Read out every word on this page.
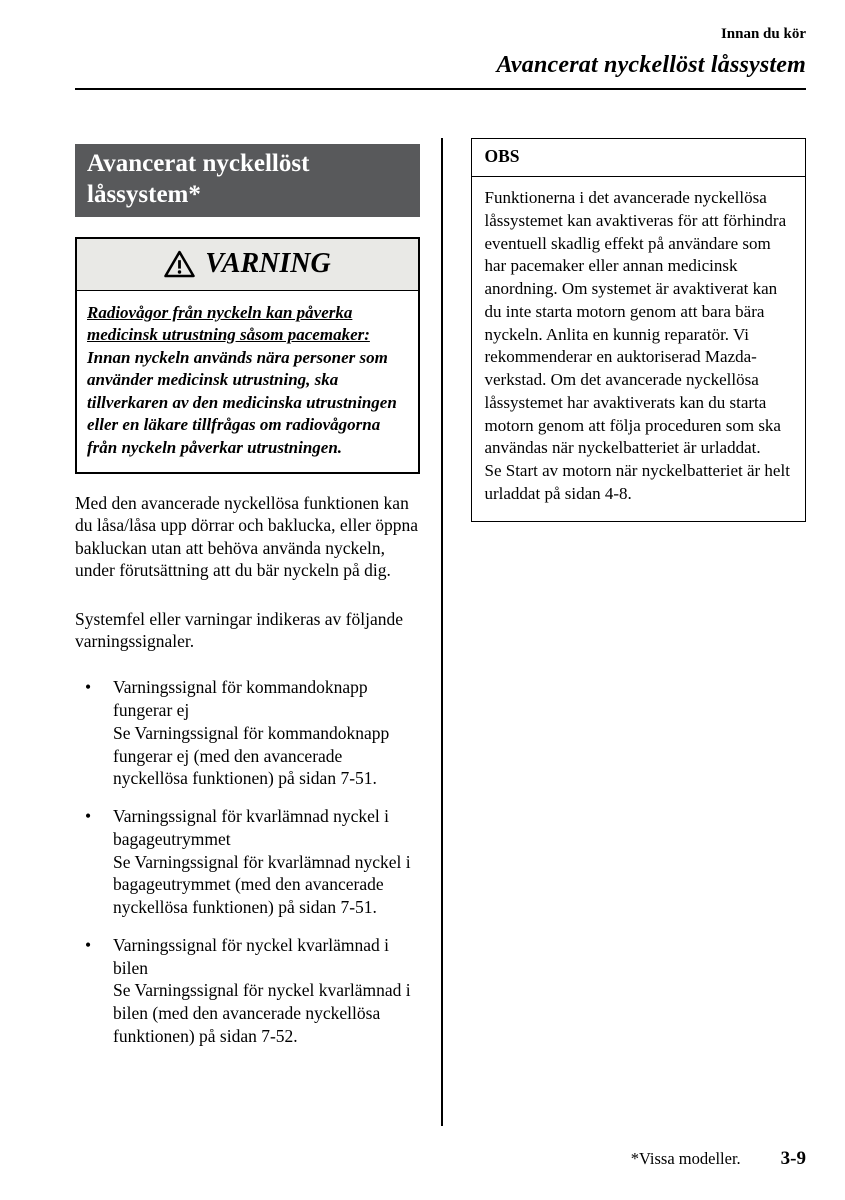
Innan du kör
Avancerat nyckellöst låssystem
Avancerat nyckellöst låssystem*
VARNING
Radiovågor från nyckeln kan påverka medicinsk utrustning såsom pacemaker:
Innan nyckeln används nära personer som använder medicinsk utrustning, ska tillverkaren av den medicinska utrustningen eller en läkare tillfrågas om radiovågorna från nyckeln påverkar utrustningen.

Med den avancerade nyckellösa funktionen kan du låsa/låsa upp dörrar och baklucka, eller öppna bakluckan utan att behöva använda nyckeln, under förutsättning att du bär nyckeln på dig.

Systemfel eller varningar indikeras av följande varningssignaler.

•	Varningssignal för kommandoknapp fungerar ej
Se Varningssignal för kommandoknapp fungerar ej (med den avancerade nyckellösa funktionen) på sidan 7-51.
•	Varningssignal för kvarlämnad nyckel i bagageutrymmet
Se Varningssignal för kvarlämnad nyckel i bagageutrymmet (med den avancerade nyckellösa funktionen) på sidan 7-51.
•	Varningssignal för nyckel kvarlämnad i bilen
Se Varningssignal för nyckel kvarlämnad i bilen (med den avancerade nyckellösa funktionen) på sidan 7-52.
OBS

Funktionerna i det avancerade nyckellösa låssystemet kan avaktiveras för att förhindra eventuell skadlig effekt på användare som har pacemaker eller annan medicinsk anordning. Om systemet är avaktiverat kan du inte starta motorn genom att bara bära nyckeln. Anlita en kunnig reparatör. Vi rekommenderar en auktoriserad Mazda-verkstad. Om det avancerade nyckellösa låssystemet har avaktiverats kan du starta motorn genom att följa proceduren som ska användas när nyckelbatteriet är urladdat.

Se Start av motorn när nyckelbatteriet är helt urladdat på sidan 4-8.

*Vissa modeller. 3-9
